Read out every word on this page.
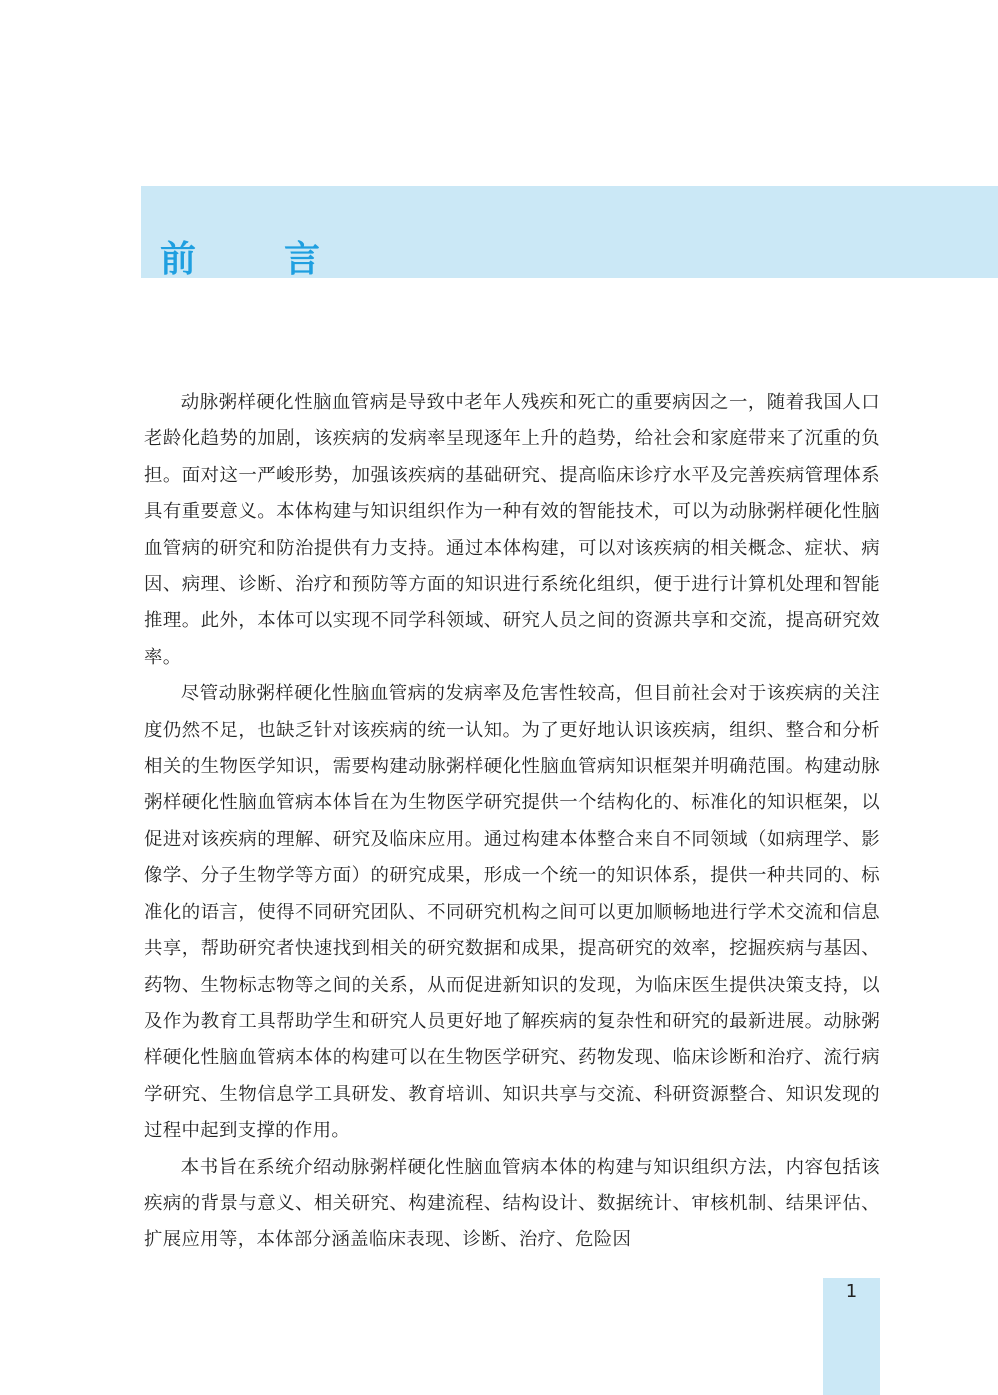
前 言

动脉粥样硬化性脑血管病是导致中老年人残疾和死亡的重要病因之一，随着我国人口老龄化趋势的加剧，该疾病的发病率呈现逐年上升的趋势，给社会和家庭带来了沉重的负担。面对这一严峻形势，加强该疾病的基础研究、提高临床诊疗水平及完善疾病管理体系具有重要意义。本体构建与知识组织作为一种有效的智能技术，可以为动脉粥样硬化性脑血管病的研究和防治提供有力支持。通过本体构建，可以对该疾病的相关概念、症状、病因、病理、诊断、治疗和预防等方面的知识进行系统化组织，便于进行计算机处理和智能推理。此外，本体可以实现不同学科领域、研究人员之间的资源共享和交流，提高研究效率。

尽管动脉粥样硬化性脑血管病的发病率及危害性较高，但目前社会对于该疾病的关注度仍然不足，也缺乏针对该疾病的统一认知。为了更好地认识该疾病，组织、整合和分析相关的生物医学知识，需要构建动脉粥样硬化性脑血管病知识框架并明确范围。构建动脉粥样硬化性脑血管病本体旨在为生物医学研究提供一个结构化的、标准化的知识框架，以促进对该疾病的理解、研究及临床应用。通过构建本体整合来自不同领域（如病理学、影像学、分子生物学等方面）的研究成果，形成一个统一的知识体系，提供一种共同的、标准化的语言，使得不同研究团队、不同研究机构之间可以更加顺畅地进行学术交流和信息共享，帮助研究者快速找到相关的研究数据和成果，提高研究的效率，挖掘疾病与基因、药物、生物标志物等之间的关系，从而促进新知识的发现，为临床医生提供决策支持，以及作为教育工具帮助学生和研究人员更好地了解疾病的复杂性和研究的最新进展。动脉粥样硬化性脑血管病本体的构建可以在生物医学研究、药物发现、临床诊断和治疗、流行病学研究、生物信息学工具研发、教育培训、知识共享与交流、科研资源整合、知识发现的过程中起到支撑的作用。

本书旨在系统介绍动脉粥样硬化性脑血管病本体的构建与知识组织方法，内容包括该疾病的背景与意义、相关研究、构建流程、结构设计、数据统计、审核机制、结果评估、扩展应用等，本体部分涵盖临床表现、诊断、治疗、危险因

1
